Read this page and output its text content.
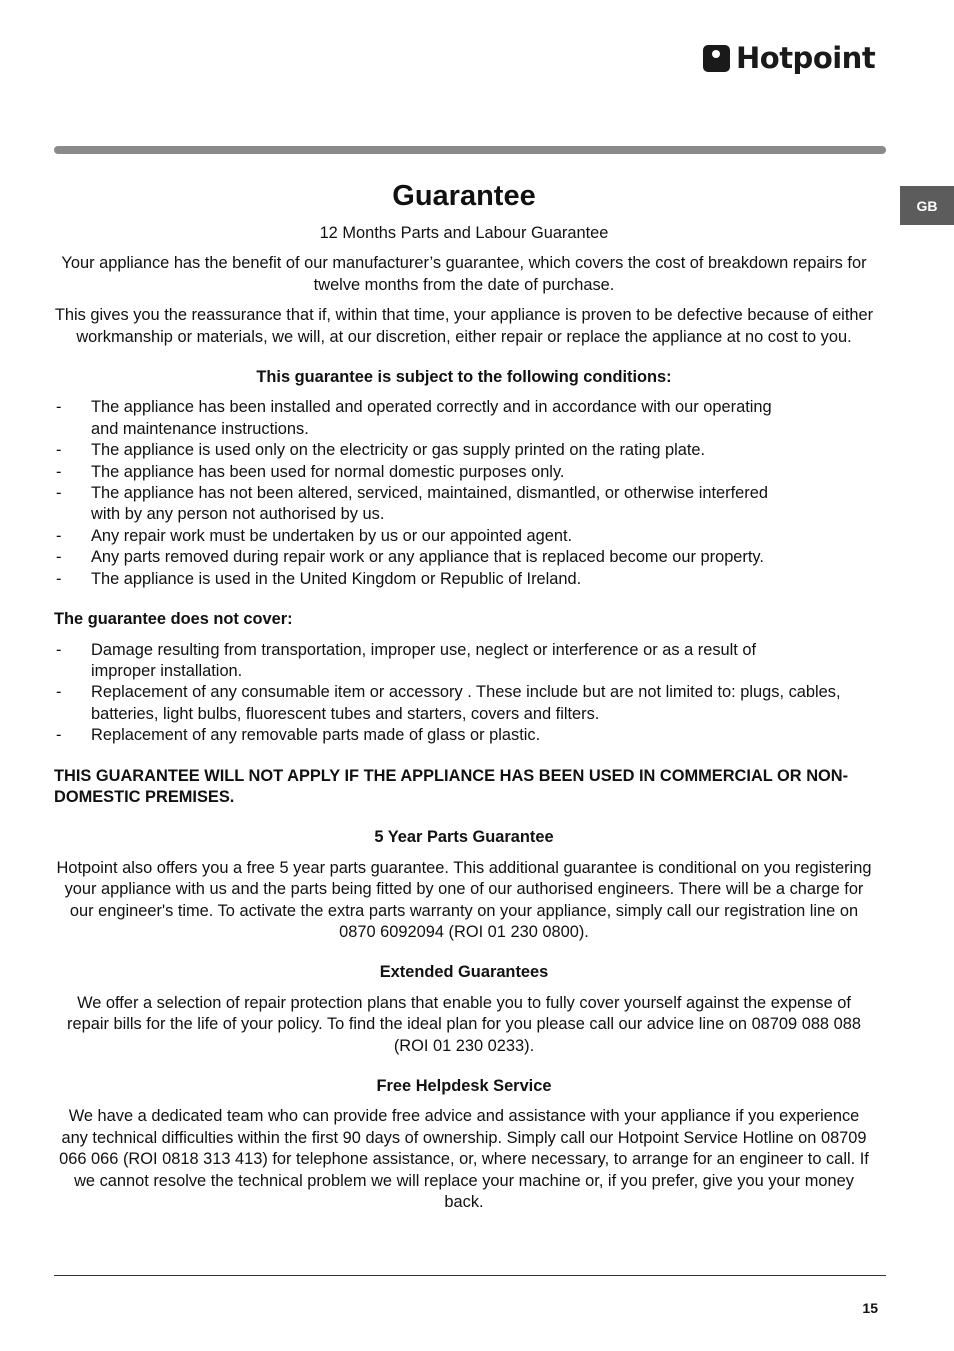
Hotpoint
GB
Guarantee

12 Months Parts and Labour Guarantee

Your appliance has the benefit of our manufacturer’s guarantee, which covers the cost of breakdown repairs for twelve months from the date of purchase.

This gives you the reassurance that if, within that time, your appliance is proven to be defective because of either workmanship or materials, we will, at our discretion, either repair or replace the appliance at no cost to you.

This guarantee is subject to the following conditions:

- The appliance has been installed and operated correctly and in accordance with our operating and maintenance instructions.
- The appliance is used only on the electricity or gas supply printed on the rating plate.
- The appliance has been used for normal domestic purposes only.
- The appliance has not been altered, serviced, maintained, dismantled, or otherwise interfered with by any person not authorised by us.
- Any repair work must be undertaken by us or our appointed agent.
- Any parts removed during repair work or any appliance that is replaced become our property.
- The appliance is used in the United Kingdom or Republic of Ireland.

The guarantee does not cover:

- Damage resulting from transportation, improper use, neglect or interference or as a result of improper installation.
- Replacement of any consumable item or accessory . These include but are not limited to: plugs, cables, batteries, light bulbs, fluorescent tubes and starters, covers and filters.
- Replacement of any removable parts made of glass or plastic.

THIS GUARANTEE WILL NOT APPLY IF THE APPLIANCE HAS BEEN USED IN COMMERCIAL OR NON-DOMESTIC PREMISES.

5 Year Parts Guarantee

Hotpoint also offers you a free 5 year parts guarantee. This additional guarantee is conditional on you registering your appliance with us and the parts being fitted by one of our authorised engineers. There will be a charge for our engineer's time. To activate the extra parts warranty on your appliance, simply call our registration line on 0870 6092094 (ROI 01 230 0800).

Extended Guarantees

We offer a selection of repair protection plans that enable you to fully cover yourself against the expense of repair bills for the life of your policy. To find the ideal plan for you please call our advice line on 08709 088 088 (ROI 01 230 0233).

Free Helpdesk Service

We have a dedicated team who can provide free advice and assistance with your appliance if you experience any technical difficulties within the first 90 days of ownership. Simply call our Hotpoint Service Hotline on 08709 066 066 (ROI 0818 313 413) for telephone assistance, or, where necessary, to arrange for an engineer to call. If we cannot resolve the technical problem we will replace your machine or, if you prefer, give you your money back.

15
